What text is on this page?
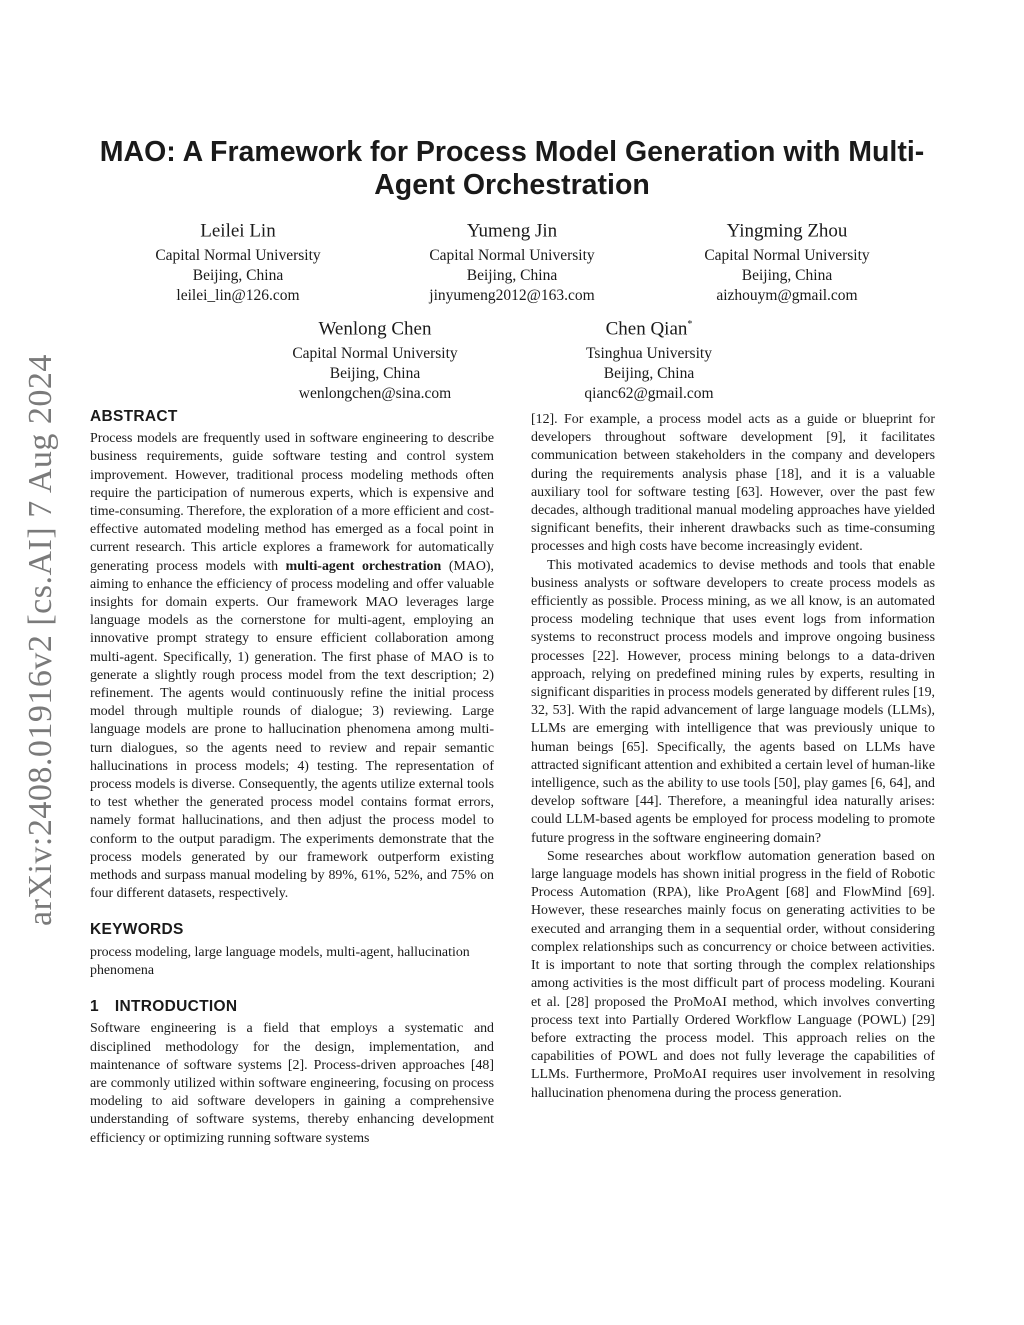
arXiv:2408.01916v2 [cs.AI] 7 Aug 2024
MAO: A Framework for Process Model Generation with Multi-Agent Orchestration
Leilei Lin
Capital Normal University
Beijing, China
leilei_lin@126.com
Yumeng Jin
Capital Normal University
Beijing, China
jinyumeng2012@163.com
Yingming Zhou
Capital Normal University
Beijing, China
aizhouym@gmail.com
Wenlong Chen
Capital Normal University
Beijing, China
wenlongchen@sina.com
Chen Qian*
Tsinghua University
Beijing, China
qianc62@gmail.com
ABSTRACT

Process models are frequently used in software engineering to describe business requirements, guide software testing and control system improvement. However, traditional process modeling methods often require the participation of numerous experts, which is expensive and time-consuming. Therefore, the exploration of a more efficient and cost-effective automated modeling method has emerged as a focal point in current research. This article explores a framework for automatically generating process models with multi-agent orchestration (MAO), aiming to enhance the efficiency of process modeling and offer valuable insights for domain experts. Our framework MAO leverages large language models as the cornerstone for multi-agent, employing an innovative prompt strategy to ensure efficient collaboration among multi-agent. Specifically, 1) generation. The first phase of MAO is to generate a slightly rough process model from the text description; 2) refinement. The agents would continuously refine the initial process model through multiple rounds of dialogue; 3) reviewing. Large language models are prone to hallucination phenomena among multi-turn dialogues, so the agents need to review and repair semantic hallucinations in process models; 4) testing. The representation of process models is diverse. Consequently, the agents utilize external tools to test whether the generated process model contains format errors, namely format hallucinations, and then adjust the process model to conform to the output paradigm. The experiments demonstrate that the process models generated by our framework outperform existing methods and surpass manual modeling by 89%, 61%, 52%, and 75% on four different datasets, respectively.

KEYWORDS

process modeling, large language models, multi-agent, hallucination phenomena

1 INTRODUCTION

Software engineering is a field that employs a systematic and disciplined methodology for the design, implementation, and maintenance of software systems [2]. Process-driven approaches [48] are commonly utilized within software engineering, focusing on process modeling to aid software developers in gaining a comprehensive understanding of software systems, thereby enhancing development efficiency or optimizing running software systems

[12]. For example, a process model acts as a guide or blueprint for developers throughout software development [9], it facilitates communication between stakeholders in the company and developers during the requirements analysis phase [18], and it is a valuable auxiliary tool for software testing [63]. However, over the past few decades, although traditional manual modeling approaches have yielded significant benefits, their inherent drawbacks such as time-consuming processes and high costs have become increasingly evident.

This motivated academics to devise methods and tools that enable business analysts or software developers to create process models as efficiently as possible. Process mining, as we all know, is an automated process modeling technique that uses event logs from information systems to reconstruct process models and improve ongoing business processes [22]. However, process mining belongs to a data-driven approach, relying on predefined mining rules by experts, resulting in significant disparities in process models generated by different rules [19, 32, 53]. With the rapid advancement of large language models (LLMs), LLMs are emerging with intelligence that was previously unique to human beings [65]. Specifically, the agents based on LLMs have attracted significant attention and exhibited a certain level of human-like intelligence, such as the ability to use tools [50], play games [6, 64], and develop software [44]. Therefore, a meaningful idea naturally arises: could LLM-based agents be employed for process modeling to promote future progress in the software engineering domain?

Some researches about workflow automation generation based on large language models has shown initial progress in the field of Robotic Process Automation (RPA), like ProAgent [68] and FlowMind [69]. However, these researches mainly focus on generating activities to be executed and arranging them in a sequential order, without considering complex relationships such as concurrency or choice between activities. It is important to note that sorting through the complex relationships among activities is the most difficult part of process modeling. Kourani et al. [28] proposed the ProMoAI method, which involves converting process text into Partially Ordered Workflow Language (POWL) [29] before extracting the process model. This approach relies on the capabilities of POWL and does not fully leverage the capabilities of LLMs. Furthermore, ProMoAI requires user involvement in resolving hallucination phenomena during the process generation.
